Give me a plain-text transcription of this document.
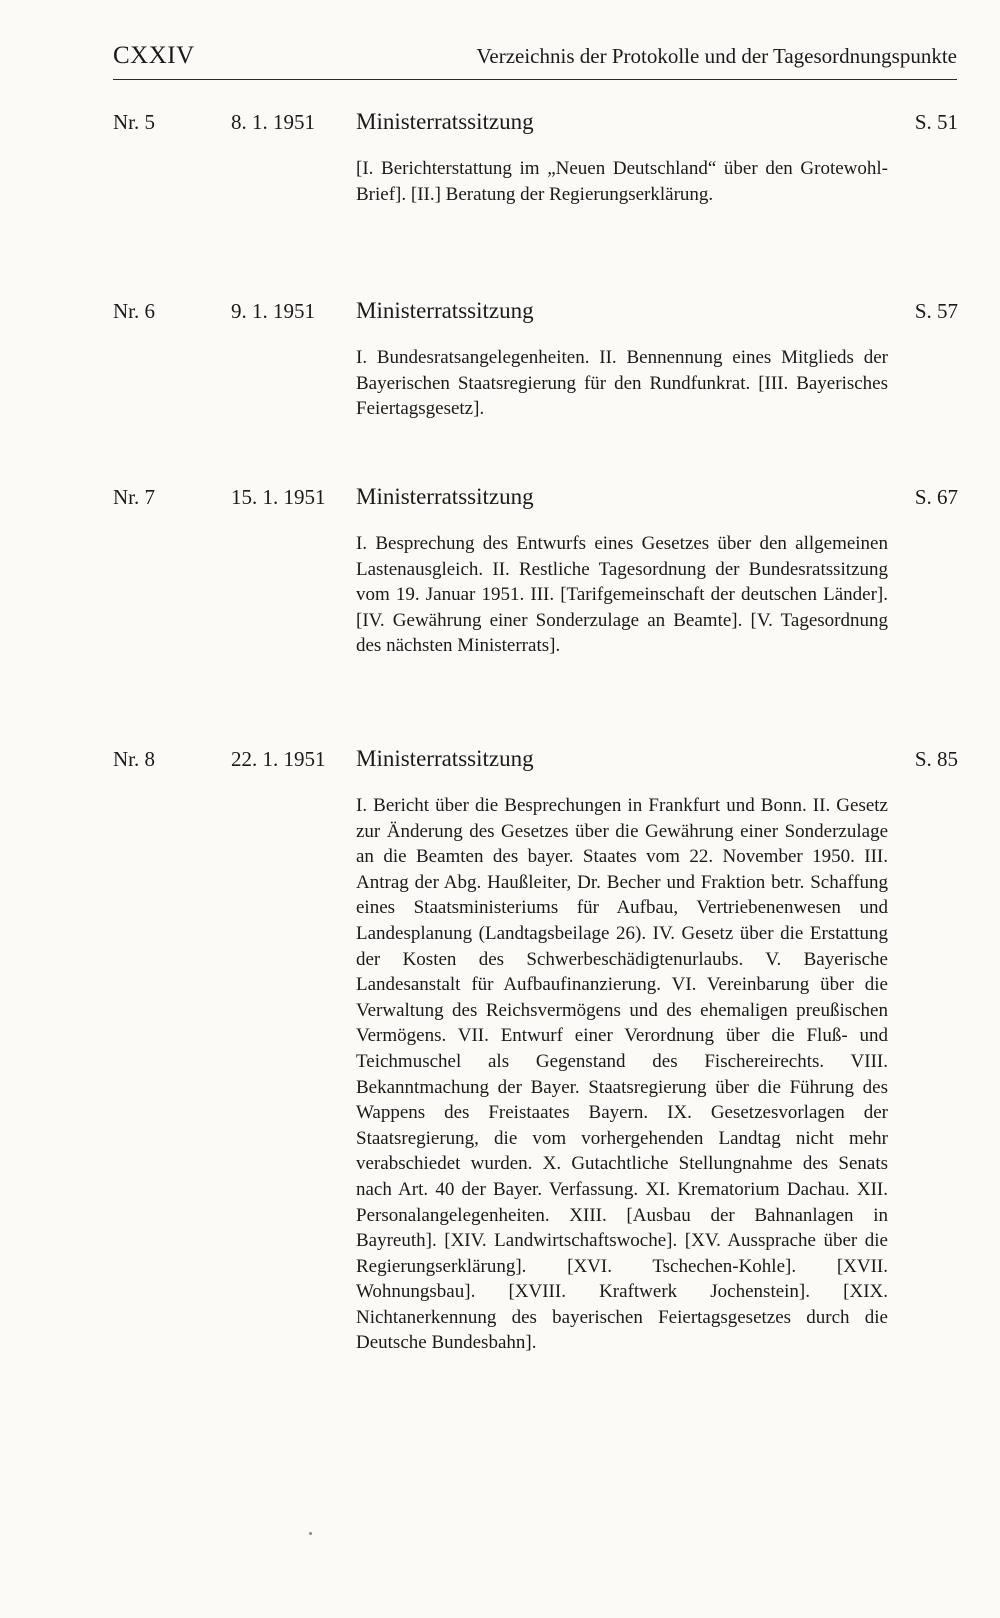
CXXIV	Verzeichnis der Protokolle und der Tagesordnungspunkte
Nr. 5	8. 1. 1951 Ministerratssitzung	S. 51

[I. Berichterstattung im „Neuen Deutschland“ über den Grotewohl-Brief]. [II.] Beratung der Regierungserklärung.

Nr. 6	9. 1. 1951 Ministerratssitzung	S. 57

I. Bundesratsangelegenheiten. II. Bennennung eines Mitglieds der Bayerischen Staatsregierung für den Rundfunkrat. [III. Bayerisches Feiertagsgesetz].

Nr. 7	15. 1. 1951 Ministerratssitzung	S. 67

I. Besprechung des Entwurfs eines Gesetzes über den allgemeinen Lastenausgleich. II. Restliche Tagesordnung der Bundesratssitzung vom 19. Januar 1951. III. [Tarifgemeinschaft der deutschen Länder]. [IV. Gewährung einer Sonderzulage an Beamte]. [V. Tagesordnung des nächsten Ministerrats].

Nr. 8	22. 1. 1951 Ministerratssitzung	S. 85

I. Bericht über die Besprechungen in Frankfurt und Bonn. II. Gesetz zur Änderung des Gesetzes über die Gewährung einer Sonderzulage an die Beamten des bayer. Staates vom 22. November 1950. III. Antrag der Abg. Haußleiter, Dr. Becher und Fraktion betr. Schaffung eines Staatsministeriums für Aufbau, Vertriebenenwesen und Landesplanung (Landtagsbeilage 26). IV. Gesetz über die Erstattung der Kosten des Schwerbeschädigtenurlaubs. V. Bayerische Landesanstalt für Aufbaufinanzierung. VI. Vereinbarung über die Verwaltung des Reichsvermögens und des ehemaligen preußischen Vermögens. VII. Entwurf einer Verordnung über die Fluß- und Teichmuschel als Gegenstand des Fischereirechts. VIII. Bekanntmachung der Bayer. Staatsregierung über die Führung des Wappens des Freistaates Bayern. IX. Gesetzesvorlagen der Staatsregierung, die vom vorhergehenden Landtag nicht mehr verabschiedet wurden. X. Gutachtliche Stellungnahme des Senats nach Art. 40 der Bayer. Verfassung. XI. Krematorium Dachau. XII. Personalangelegenheiten. XIII. [Ausbau der Bahnanlagen in Bayreuth]. [XIV. Landwirtschaftswoche]. [XV. Aussprache über die Regierungserklärung]. [XVI. Tschechen-Kohle]. [XVII. Wohnungsbau]. [XVIII. Kraftwerk Jochenstein]. [XIX. Nichtanerkennung des bayerischen Feiertagsgesetzes durch die Deutsche Bundesbahn].
